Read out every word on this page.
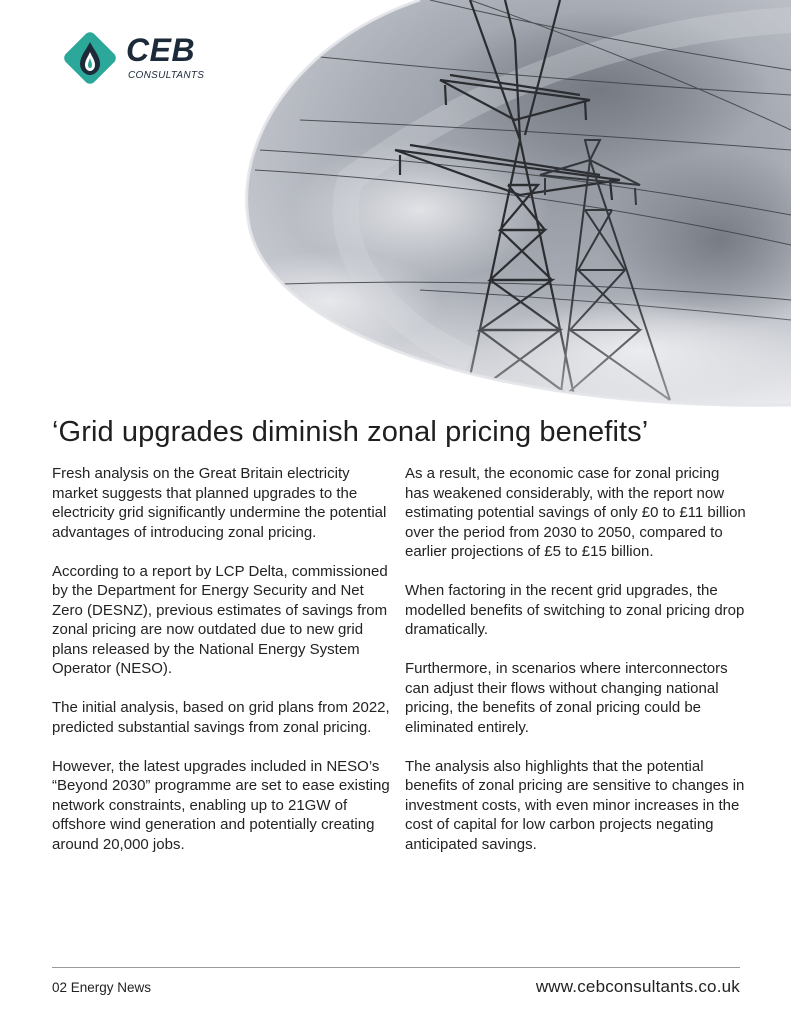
CEB
CONSULTANTS
‘Grid upgrades diminish zonal pricing benefits’

Fresh analysis on the Great Britain electricity market suggests that planned upgrades to the electricity grid significantly undermine the potential advantages of introducing zonal pricing.

According to a report by LCP Delta, commissioned by the Department for Energy Security and Net Zero (DESNZ), previous estimates of savings from zonal pricing are now outdated due to new grid plans released by the National Energy System Operator (NESO).

The initial analysis, based on grid plans from 2022, predicted substantial savings from zonal pricing.

However, the latest upgrades included in NESO’s “Beyond 2030” programme are set to ease existing network constraints, enabling up to 21GW of offshore wind generation and potentially creating around 20,000 jobs.

As a result, the economic case for zonal pricing has weakened considerably, with the report now estimating potential savings of only £0 to £11 billion over the period from 2030 to 2050, compared to earlier projections of £5 to £15 billion.

When factoring in the recent grid upgrades, the modelled benefits of switching to zonal pricing drop dramatically.

Furthermore, in scenarios where interconnectors can adjust their flows without changing national pricing, the benefits of zonal pricing could be eliminated entirely.

The analysis also highlights that the potential benefits of zonal pricing are sensitive to changes in investment costs, with even minor increases in the cost of capital for low carbon projects negating anticipated savings.

02 Energy News	www.cebconsultants.co.uk
